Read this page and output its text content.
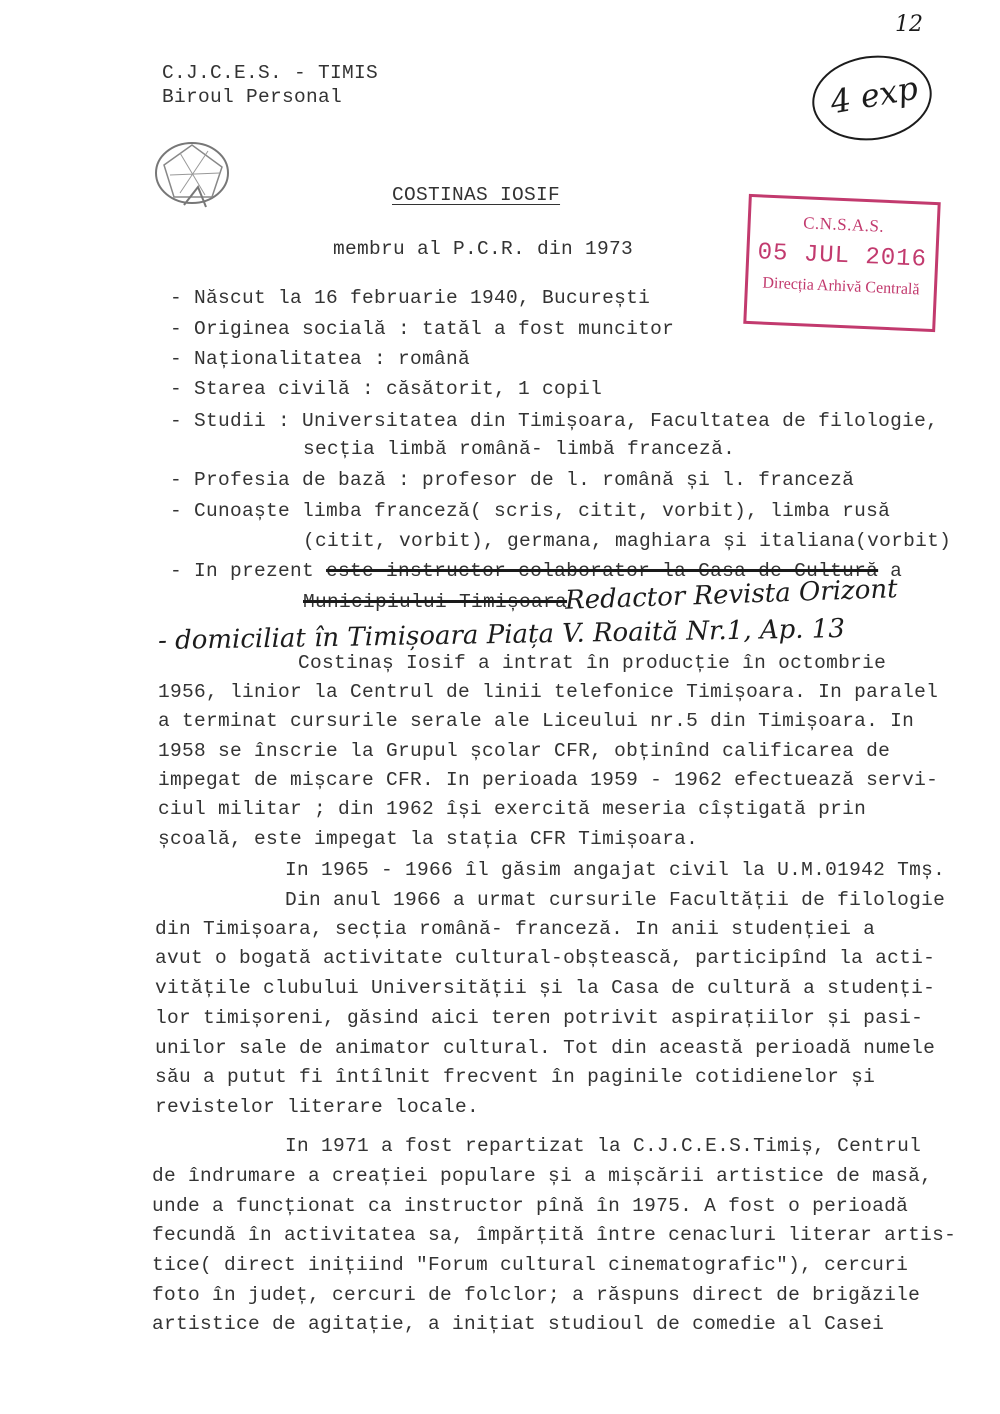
12
4 exp
C.J.C.E.S. - TIMIS
Biroul Personal
C.N.S.A.S.
05 JUL 2016
Direcția Arhivă Centrală
COSTINAS IOSIF
membru al P.C.R. din 1973
- Născut la 16 februarie 1940, București
- Originea socială : tatăl a fost muncitor
- Naționalitatea : română
- Starea civilă : căsătorit, 1 copil
- Studii : Universitatea din Timișoara, Facultatea de filologie,
secția limbă română- limbă franceză.
- Profesia de bază : profesor de l. română și l. franceză
- Cunoaște limba franceză( scris, citit, vorbit), limba rusă
(citit, vorbit), germana, maghiara și italiana(vorbit)
- In prezent este instructor colaborator la Casa de Cultură a
Municipiului Timișoara
Redactor Revista Orizont
- domiciliat în Timișoara Piața V. Roaită Nr.1, Ap. 13
Costinaș Iosif a intrat în producție în octombrie
1956, linior la Centrul de linii telefonice Timișoara. In paralel
a terminat cursurile serale ale Liceului nr.5 din Timișoara. In
1958 se înscrie la Grupul școlar CFR, obținînd calificarea de
impegat de mișcare CFR. In perioada 1959 - 1962 efectuează servi-
ciul militar ; din 1962 își exercită meseria cîștigată prin
școală, este impegat la stația CFR Timișoara.
In 1965 - 1966 îl găsim angajat civil la U.M.01942 Tmș.
Din anul 1966 a urmat cursurile Facultății de filologie
din Timișoara, secția română- franceză. In anii studenției a
avut o bogată activitate cultural-obștească, participînd la acti-
vitățile clubului Universității și la Casa de cultură a studenți-
lor timișoreni, găsind aici teren potrivit aspirațiilor și pasi-
unilor sale de animator cultural. Tot din această perioadă numele
său a putut fi întîlnit frecvent în paginile cotidienelor și
revistelor literare locale.
In 1971 a fost repartizat la C.J.C.E.S.Timiș, Centrul
de îndrumare a creației populare și a mișcării artistice de masă,
unde a funcționat ca instructor pînă în 1975. A fost o perioadă
fecundă în activitatea sa, împărțită între cenacluri literar artis-
tice( direct inițiind "Forum cultural cinematografic"), cercuri
foto în județ, cercuri de folclor; a răspuns direct de brigăzile
artistice de agitație, a inițiat studioul de comedie al Casei
